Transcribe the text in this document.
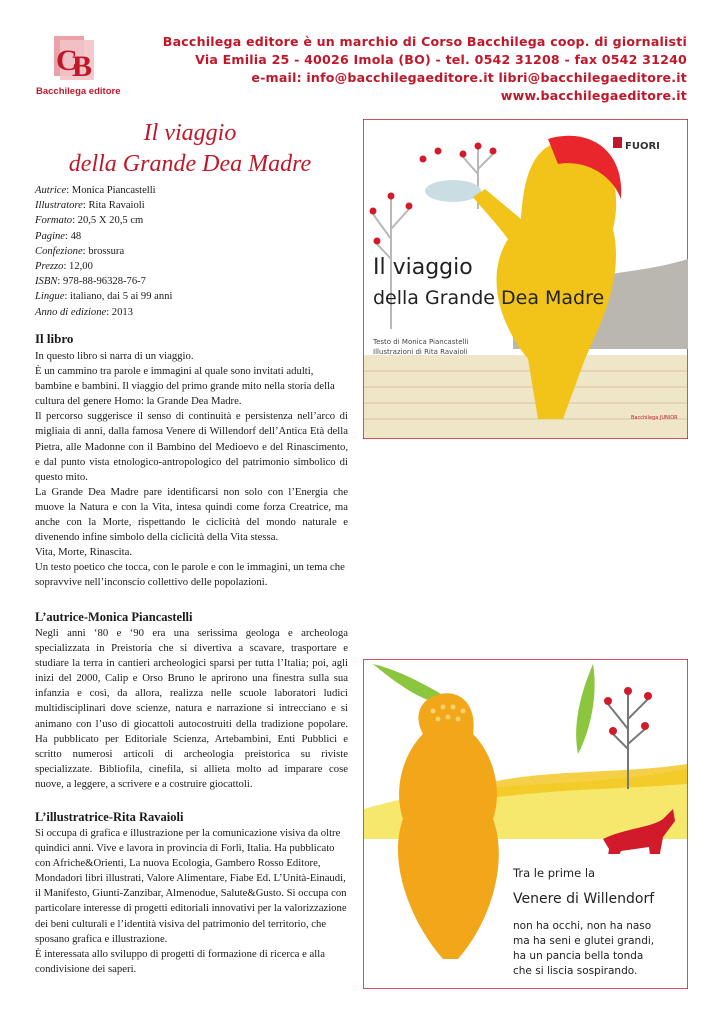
C
B
Bacchilega editore
Bacchilega editore è un marchio di Corso Bacchilega coop. di giornalisti
Via Emilia 25 - 40026 Imola (BO) - tel. 0542 31208 - fax 0542 31240
e-mail: info@bacchilegaeditore.it libri@bacchilegaeditore.it
www.bacchilegaeditore.it
Il viaggio
della Grande Dea Madre
Autrice: Monica Piancastelli
Illustratore: Rita Ravaioli
Formato: 20,5 X 20,5 cm
Pagine: 48
Confezione: brossura
Prezzo: 12,00
ISBN: 978-88-96328-76-7
Lingue: italiano, dai 5 ai 99 anni
Anno di edizione: 2013
Il libro

In questo libro si narra di un viaggio.

È un cammino tra parole e immagini al quale sono invitati adulti, bambine e bambini. Il viaggio del primo grande mito nella storia della cultura del genere Homo: la Grande Dea Madre.

Il percorso suggerisce il senso di continuità e persistenza nell’arco di migliaia di anni, dalla famosa Venere di Willendorf dell’Antica Età della Pietra, alle Madonne con il Bambino del Medioevo e del Rinascimento, e dal punto vista etnologico-antropologico del patrimonio simbolico di questo mito.

La Grande Dea Madre pare identificarsi non solo con l’Energia che muove la Natura e con la Vita, intesa quindi come forza Creatrice, ma anche con la Morte, rispettando le ciclicità del mondo naturale e divenendo infine simbolo della ciclicità della Vita stessa.

Vita, Morte, Rinascita.

Un testo poetico che tocca, con le parole e con le immagini, un tema che sopravvive nell’inconscio collettivo delle popolazioni.

L’autrice-Monica Piancastelli

Negli anni ‘80 e ‘90 era una serissima geologa e archeologa specializzata in Preistoria che si divertiva a scavare, trasportare e studiare la terra in cantieri archeologici sparsi per tutta l’Italia; poi, agli inizi del 2000, Calip e Orso Bruno le aprirono una finestra sulla sua infanzia e così, da allora, realizza nelle scuole laboratori ludici multidisciplinari dove scienze, natura e narrazione si intrecciano e si animano con l’uso di giocattoli autocostruiti della tradizione popolare. Ha pubblicato per Editoriale Scienza, Artebambini, Enti Pubblici e scritto numerosi articoli di archeologia preistorica su riviste specializzate. Bibliofila, cinefila, si allieta molto ad imparare cose nuove, a leggere, a scrivere e a costruire giocattoli.

L’illustratrice-Rita Ravaioli

Si occupa di grafica e illustrazione per la comunicazione visiva da oltre quindici anni. Vive e lavora in provincia di Forlì, Italia. Ha pubblicato con Afriche&Orienti, La nuova Ecologia, Gambero Rosso Editore, Mondadori libri illustrati, Valore Alimentare, Fiabe Ed. L’Unità-Einaudi, il Manifesto, Giunti-Zanzibar, Almenodue, Salute&Gusto. Si occupa con particolare interesse di progetti editoriali innovativi per la valorizzazione dei beni culturali e l’identità visiva del patrimonio del territorio, che sposano grafica e illustrazione.

È interessata allo sviluppo di progetti di formazione di ricerca e alla condivisione dei saperi.

FUORI
Il viaggio
della Grande Dea Madre
Testo di Monica Piancastelli
Illustrazioni di Rita Ravaioli
Bacchilega JUNIOR
Tra le prime la
Venere di Willendorf
non ha occhi, non ha naso
ma ha seni e glutei grandi,
ha un pancia bella tonda
che si liscia sospirando.
